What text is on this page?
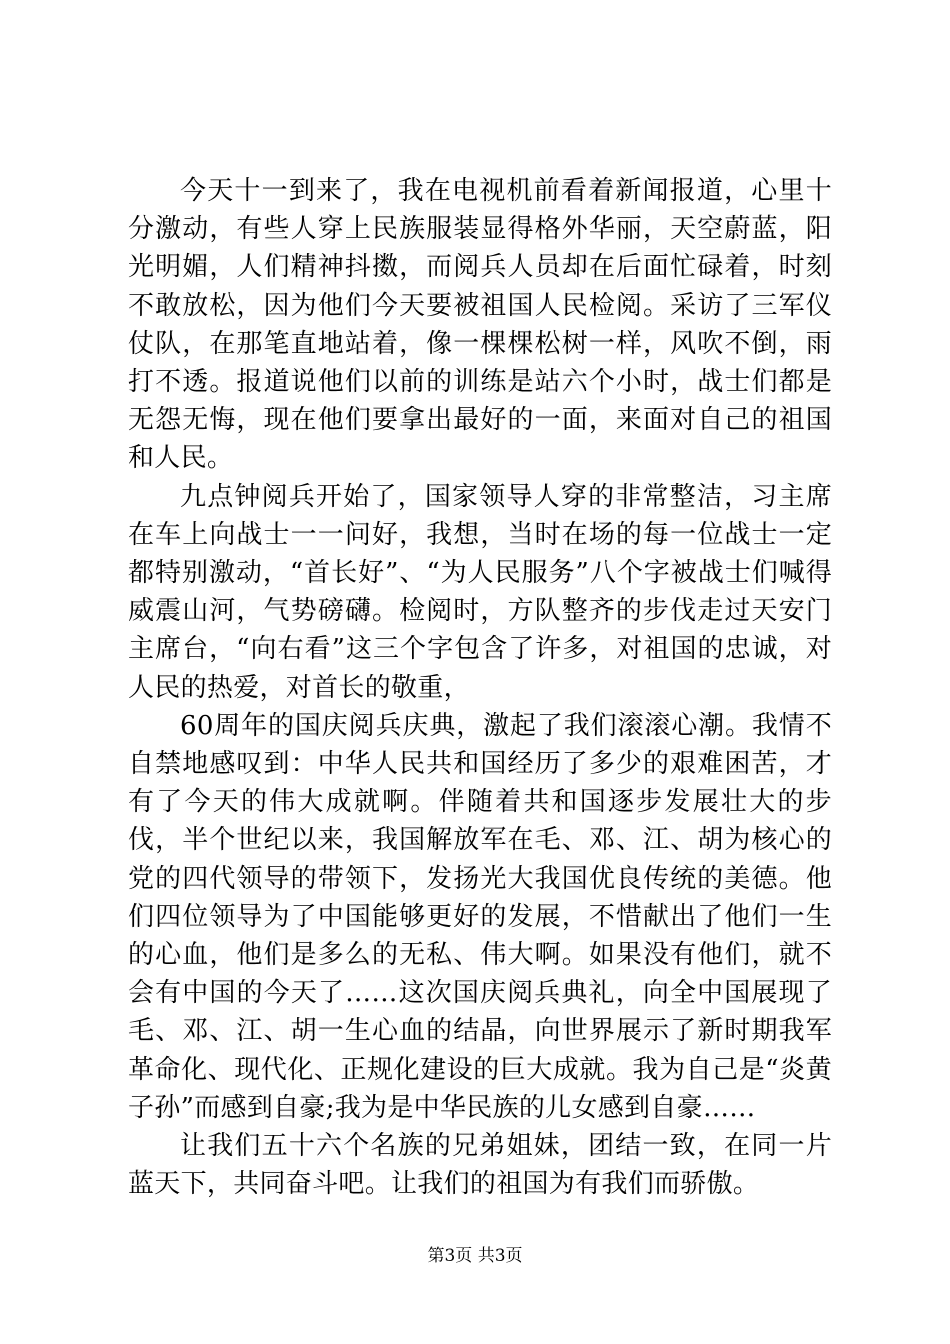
今天十一到来了，我在电视机前看着新闻报道，心里十分激动，有些人穿上民族服装显得格外华丽，天空蔚蓝，阳光明媚，人们精神抖擞，而阅兵人员却在后面忙碌着，时刻不敢放松，因为他们今天要被祖国人民检阅。采访了三军仪仗队，在那笔直地站着，像一棵棵松树一样，风吹不倒，雨打不透。报道说他们以前的训练是站六个小时，战士们都是无怨无悔，现在他们要拿出最好的一面，来面对自己的祖国和人民。

九点钟阅兵开始了，国家领导人穿的非常整洁，习主席在车上向战士一一问好，我想，当时在场的每一位战士一定都特别激动，“首长好”、“为人民服务”八个字被战士们喊得威震山河，气势磅礴。检阅时，方队整齐的步伐走过天安门主席台，“向右看”这三个字包含了许多，对祖国的忠诚，对人民的热爱，对首长的敬重，

60周年的国庆阅兵庆典，激起了我们滚滚心潮。我情不自禁地感叹到：中华人民共和国经历了多少的艰难困苦，才有了今天的伟大成就啊。伴随着共和国逐步发展壮大的步伐，半个世纪以来，我国解放军在毛、邓、江、胡为核心的党的四代领导的带领下，发扬光大我国优良传统的美德。他们四位领导为了中国能够更好的发展，不惜献出了他们一生的心血，他们是多么的无私、伟大啊。如果没有他们，就不会有中国的今天了……这次国庆阅兵典礼，向全中国展现了毛、邓、江、胡一生心血的结晶，向世界展示了新时期我军革命化、现代化、正规化建设的巨大成就。我为自己是“炎黄子孙”而感到自豪;我为是中华民族的儿女感到自豪……

让我们五十六个名族的兄弟姐妹，团结一致，在同一片蓝天下，共同奋斗吧。让我们的祖国为有我们而骄傲。

第3页 共3页
